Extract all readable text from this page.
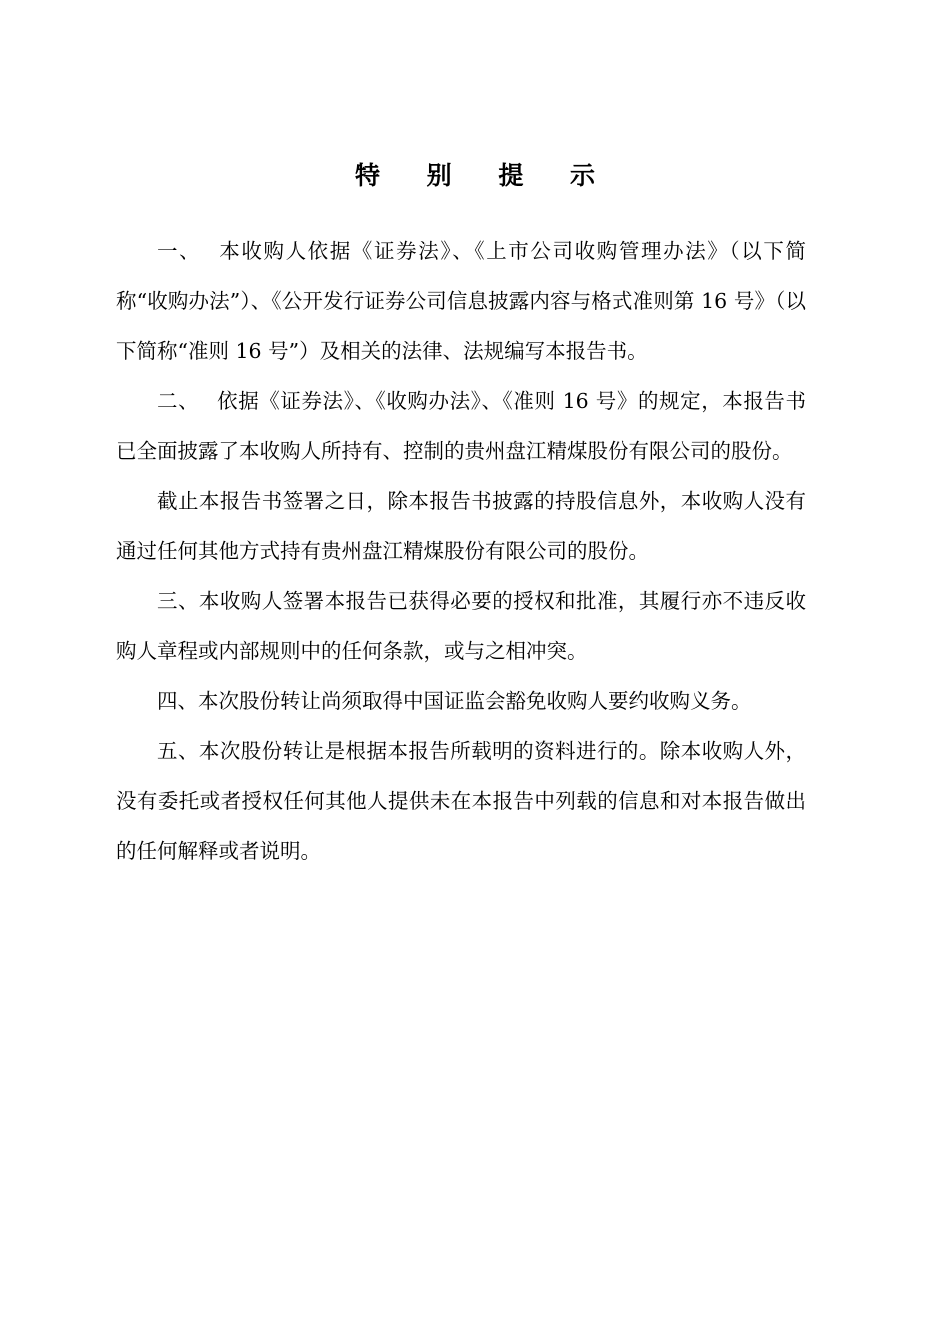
特 别 提 示

一、 本收购人依据《证券法》、《上市公司收购管理办法》（以下简称“收购办法”）、《公开发行证券公司信息披露内容与格式准则第 16 号》（以下简称“准则 16 号”）及相关的法律、法规编写本报告书。

二、 依据《证券法》、《收购办法》、《准则 16 号》的规定，本报告书已全面披露了本收购人所持有、控制的贵州盘江精煤股份有限公司的股份。

截止本报告书签署之日，除本报告书披露的持股信息外，本收购人没有通过任何其他方式持有贵州盘江精煤股份有限公司的股份。

三、本收购人签署本报告已获得必要的授权和批准，其履行亦不违反收购人章程或内部规则中的任何条款，或与之相冲突。

四、本次股份转让尚须取得中国证监会豁免收购人要约收购义务。

五、本次股份转让是根据本报告所载明的资料进行的。除本收购人外，没有委托或者授权任何其他人提供未在本报告中列载的信息和对本报告做出的任何解释或者说明。
